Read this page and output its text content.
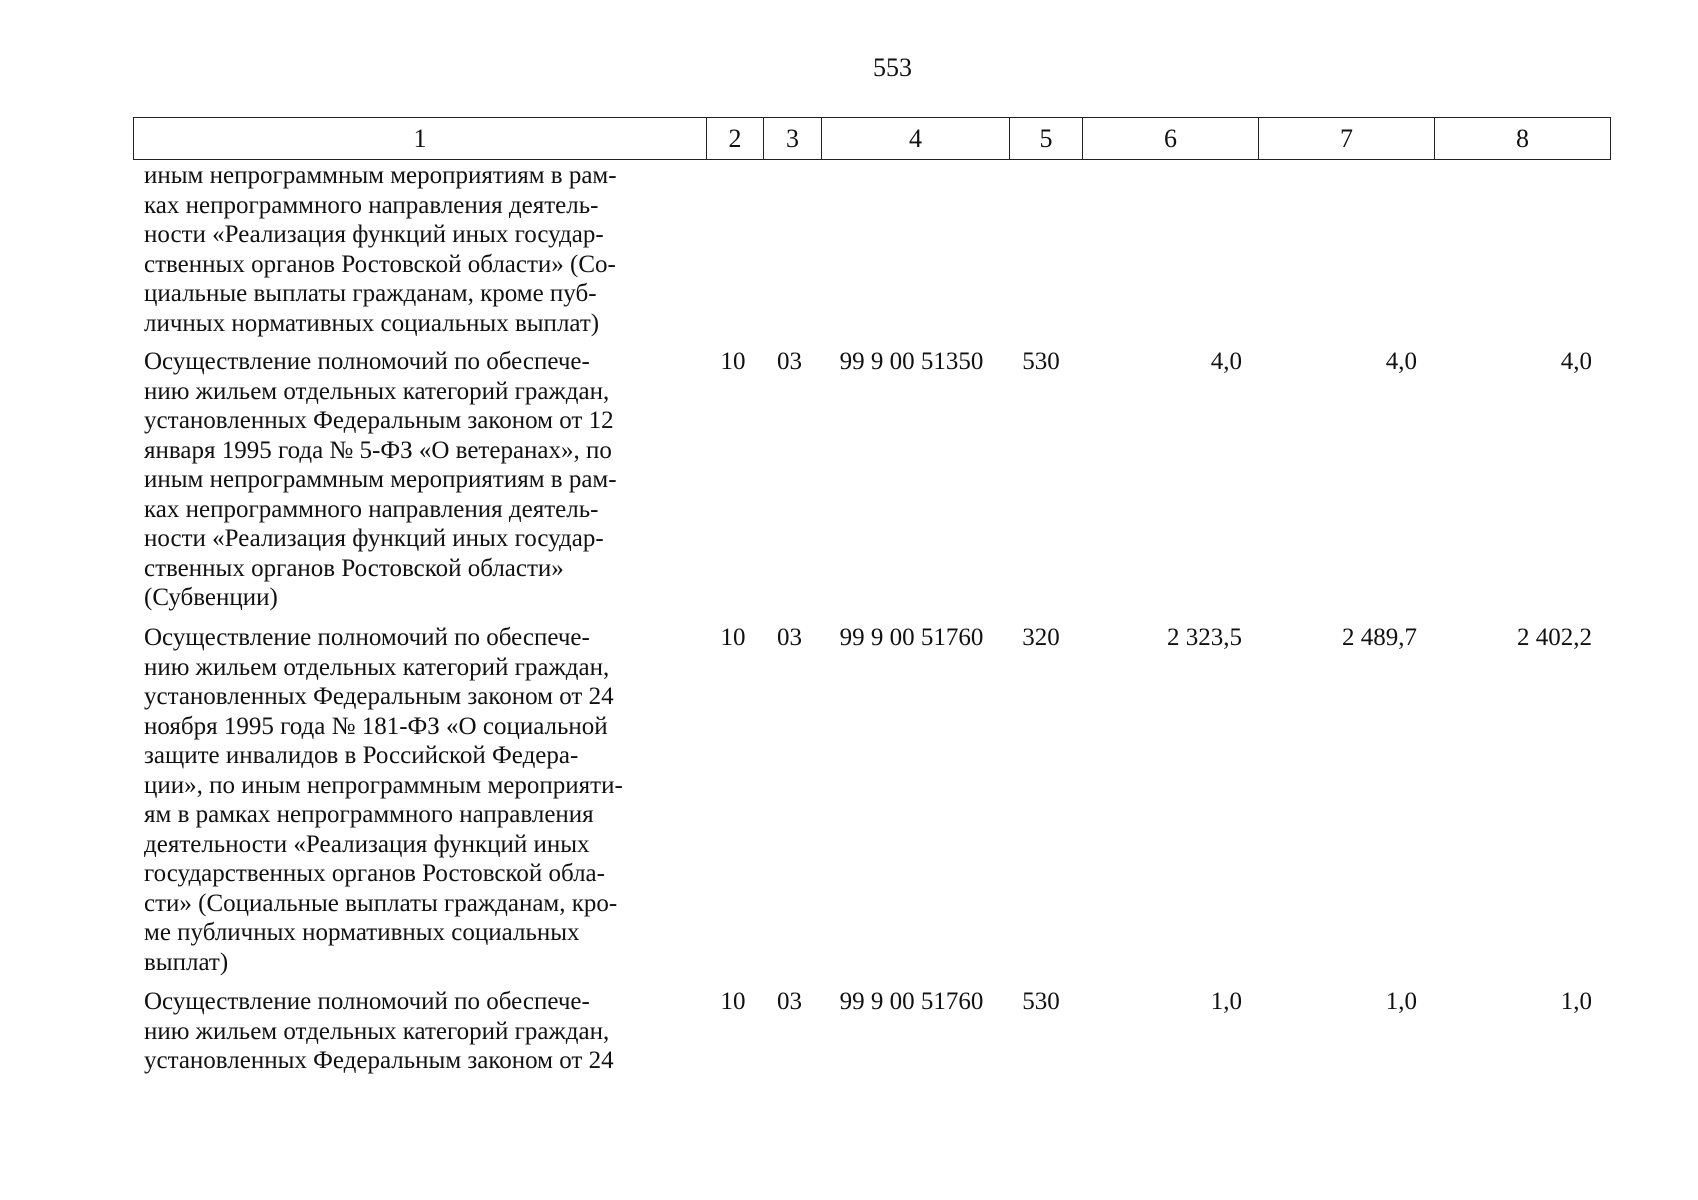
553
1	2	3	4	5	6	7	8
иным непрограммным мероприятиям в рам-
ках непрограммного направления деятель-
ности «Реализация функций иных государ-
ственных органов Ростовской области» (Со-
циальные выплаты гражданам, кроме пуб-
личных нормативных социальных выплат)
Осуществление полномочий по обеспече-
нию жильем отдельных категорий граждан,
установленных Федеральным законом от 12
января 1995 года № 5-ФЗ «О ветеранах», по
иным непрограммным мероприятиям в рам-
ках непрограммного направления деятель-
ности «Реализация функций иных государ-
ственных органов Ростовской области»
(Субвенции)
10	03	99 9 00 51350	530	4,0	4,0	4,0
Осуществление полномочий по обеспече-
нию жильем отдельных категорий граждан,
установленных Федеральным законом от 24
ноября 1995 года № 181-ФЗ «О социальной
защите инвалидов в Российской Федера-
ции», по иным непрограммным мероприяти-
ям в рамках непрограммного направления
деятельности «Реализация функций иных
государственных органов Ростовской обла-
сти» (Социальные выплаты гражданам, кро-
ме публичных нормативных социальных
выплат)
10	03	99 9 00 51760	320	2 323,5	2 489,7	2 402,2
Осуществление полномочий по обеспече-
нию жильем отдельных категорий граждан,
установленных Федеральным законом от 24
10	03	99 9 00 51760	530	1,0	1,0	1,0
